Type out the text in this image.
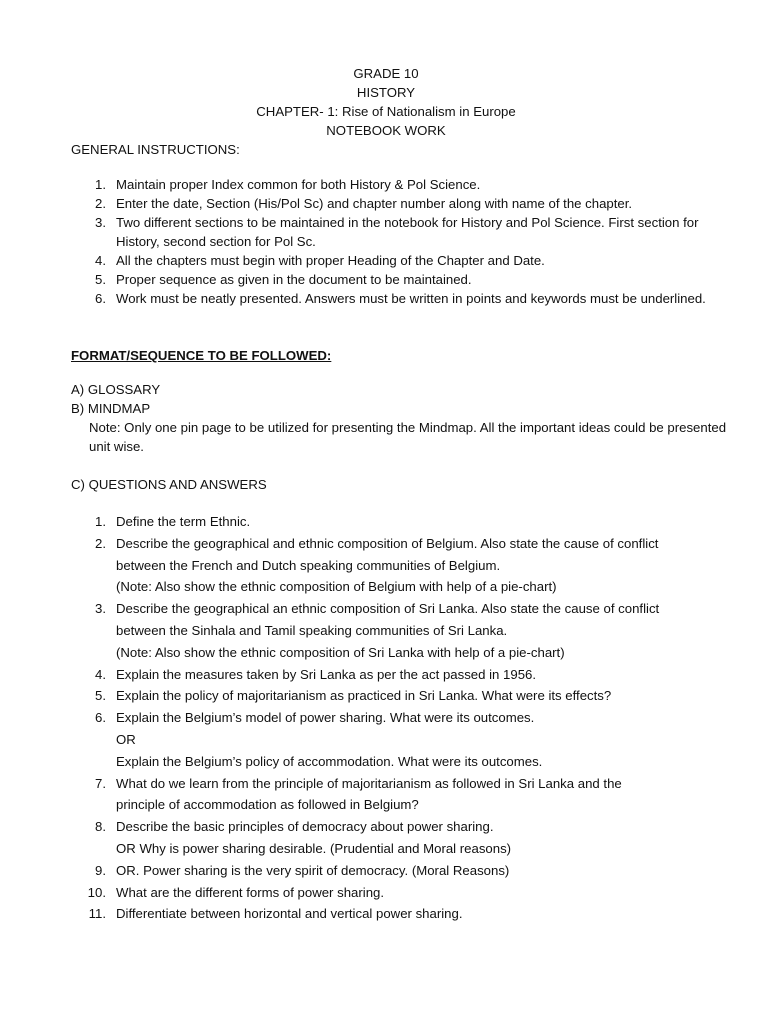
GRADE 10
HISTORY
CHAPTER- 1: Rise of Nationalism in Europe
NOTEBOOK WORK
GENERAL INSTRUCTIONS:
1. Maintain proper Index common for both History & Pol Science.
2. Enter the date, Section (His/Pol Sc) and chapter number along with name of the chapter.
3. Two different sections to be maintained in the notebook for History and Pol Science. First section for History, second section for Pol Sc.
4. All the chapters must begin with proper Heading of the Chapter and Date.
5. Proper sequence as given in the document to be maintained.
6. Work must be neatly presented. Answers must be written in points and keywords must be underlined.
FORMAT/SEQUENCE TO BE FOLLOWED:
A) GLOSSARY
B) MINDMAP
Note: Only one pin page to be utilized for presenting the Mindmap. All the important ideas could be presented unit wise.
C) QUESTIONS AND ANSWERS
1. Define the term Ethnic.
2. Describe the geographical and ethnic composition of Belgium. Also state the cause of conflict
between the French and Dutch speaking communities of Belgium.
(Note: Also show the ethnic composition of Belgium with help of a pie-chart)
3. Describe the geographical an ethnic composition of Sri Lanka. Also state the cause of conflict
between the Sinhala and Tamil speaking communities of Sri Lanka.
(Note: Also show the ethnic composition of Sri Lanka with help of a pie-chart)
4. Explain the measures taken by Sri Lanka as per the act passed in 1956.
5. Explain the policy of majoritarianism as practiced in Sri Lanka. What were its effects?
6. Explain the Belgium’s model of power sharing. What were its outcomes.
OR
Explain the Belgium’s policy of accommodation. What were its outcomes.
7. What do we learn from the principle of majoritarianism as followed in Sri Lanka and the
principle of accommodation as followed in Belgium?
8. Describe the basic principles of democracy about power sharing.
OR Why is power sharing desirable. (Prudential and Moral reasons)
9. OR. Power sharing is the very spirit of democracy. (Moral Reasons)
10. What are the different forms of power sharing.
11. Differentiate between horizontal and vertical power sharing.
